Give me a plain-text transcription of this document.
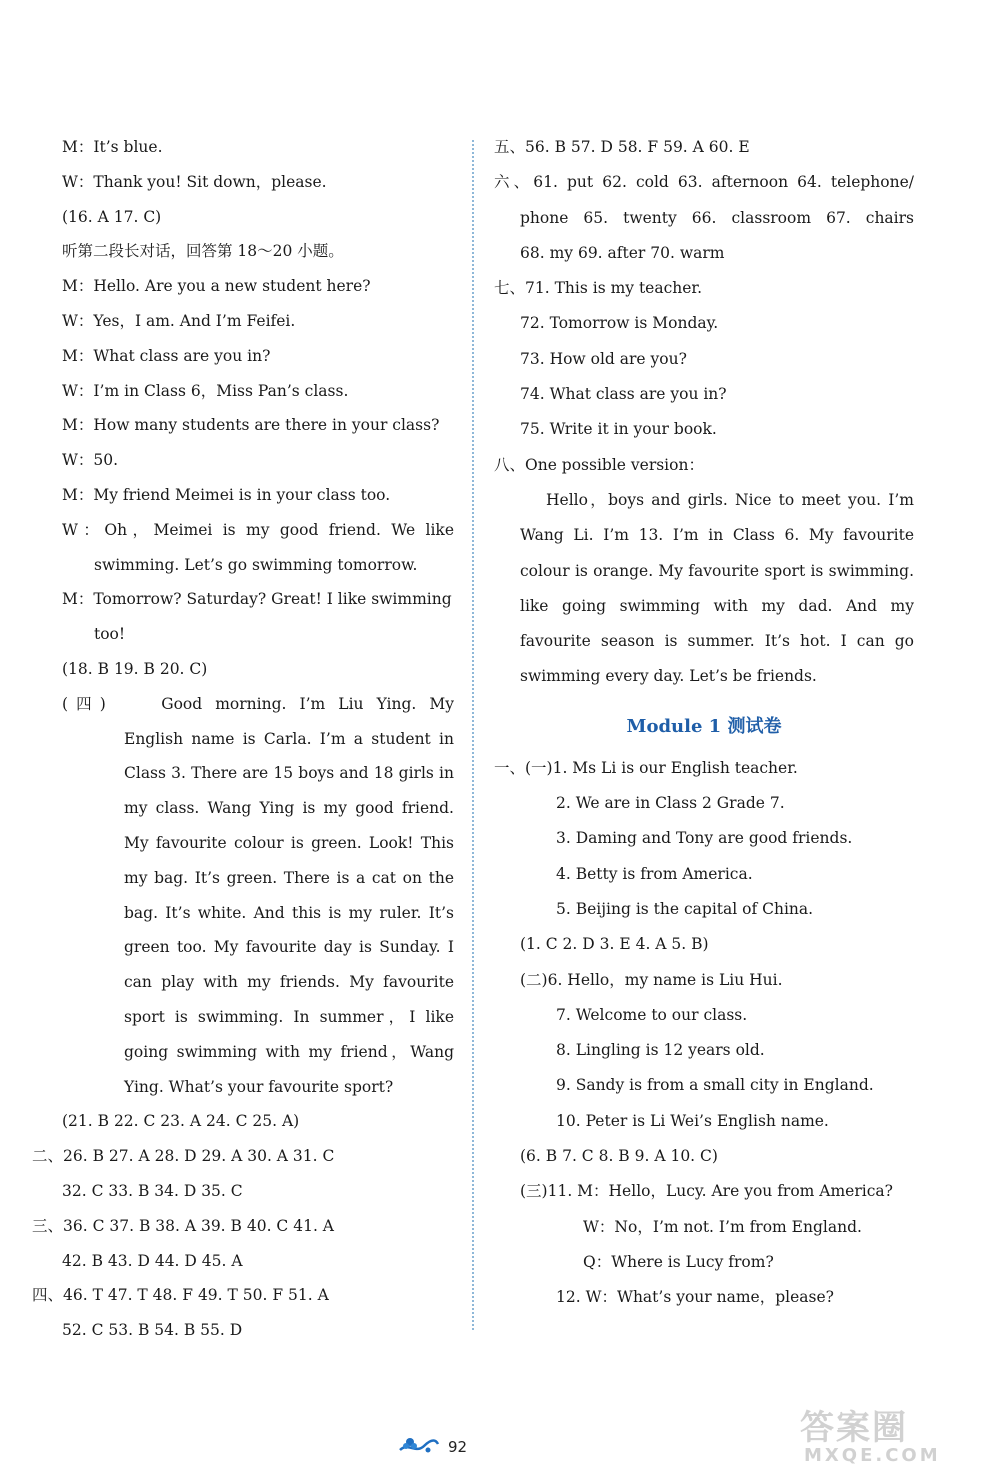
M：It’s blue.
W：Thank you! Sit down，please.
(16. A 17. C)
听第二段长对话，回答第 18～20 小题。
M：Hello. Are you a new student here?
W：Yes，I am. And I’m Feifei.
M：What class are you in?
W：I’m in Class 6，Miss Pan’s class.
M：How many students are there in your class?
W：50.
M：My friend Meimei is in your class too.
W：Oh，Meimei is my good friend. We like
swimming. Let’s go swimming tomorrow.
M：Tomorrow? Saturday? Great! I like swimming
too!
(18. B 19. B 20. C)
(四)　　Good morning. I’m Liu Ying. My
English name is Carla. I’m a student in
Class 3. There are 15 boys and 18 girls in
my class. Wang Ying is my good friend.
My favourite colour is green. Look! This
my bag. It’s green. There is a cat on the
bag. It’s white. And this is my ruler. It’s
green too. My favourite day is Sunday. I
can play with my friends. My favourite
sport is swimming. In summer，I like
going swimming with my friend，Wang
Ying. What’s your favourite sport?
(21. B 22. C 23. A 24. C 25. A)
二、26. B 27. A 28. D 29. A 30. A 31. C
32. C 33. B 34. D 35. C
三、36. C 37. B 38. A 39. B 40. C 41. A
42. B 43. D 44. D 45. A
四、46. T 47. T 48. F 49. T 50. F 51. A
52. C 53. B 54. B 55. D
五、56. B 57. D 58. F 59. A 60. E
六、61. put 62. cold 63. afternoon 64. telephone/
phone 65. twenty 66. classroom 67. chairs
68. my 69. after 70. warm
七、71. This is my teacher.
72. Tomorrow is Monday.
73. How old are you?
74. What class are you in?
75. Write it in your book.
八、One possible version：
Hello，boys and girls. Nice to meet you. I’m
Wang Li. I’m 13. I’m in Class 6. My favourite
colour is orange. My favourite sport is swimming.
like going swimming with my dad. And my
favourite season is summer. It’s hot. I can go
swimming every day. Let’s be friends.
Module 1 测试卷
一、(一)1. Ms Li is our English teacher.
2. We are in Class 2 Grade 7.
3. Daming and Tony are good friends.
4. Betty is from America.
5. Beijing is the capital of China.
(1. C 2. D 3. E 4. A 5. B)
(二)6. Hello，my name is Liu Hui.
7. Welcome to our class.
8. Lingling is 12 years old.
9. Sandy is from a small city in England.
10. Peter is Li Wei’s English name.
(6. B 7. C 8. B 9. A 10. C)
(三)11. M：Hello，Lucy. Are you from America?
W：No，I’m not. I’m from England.
Q：Where is Lucy from?
12. W：What’s your name，please?
92	答案圈
MXQE.COM
